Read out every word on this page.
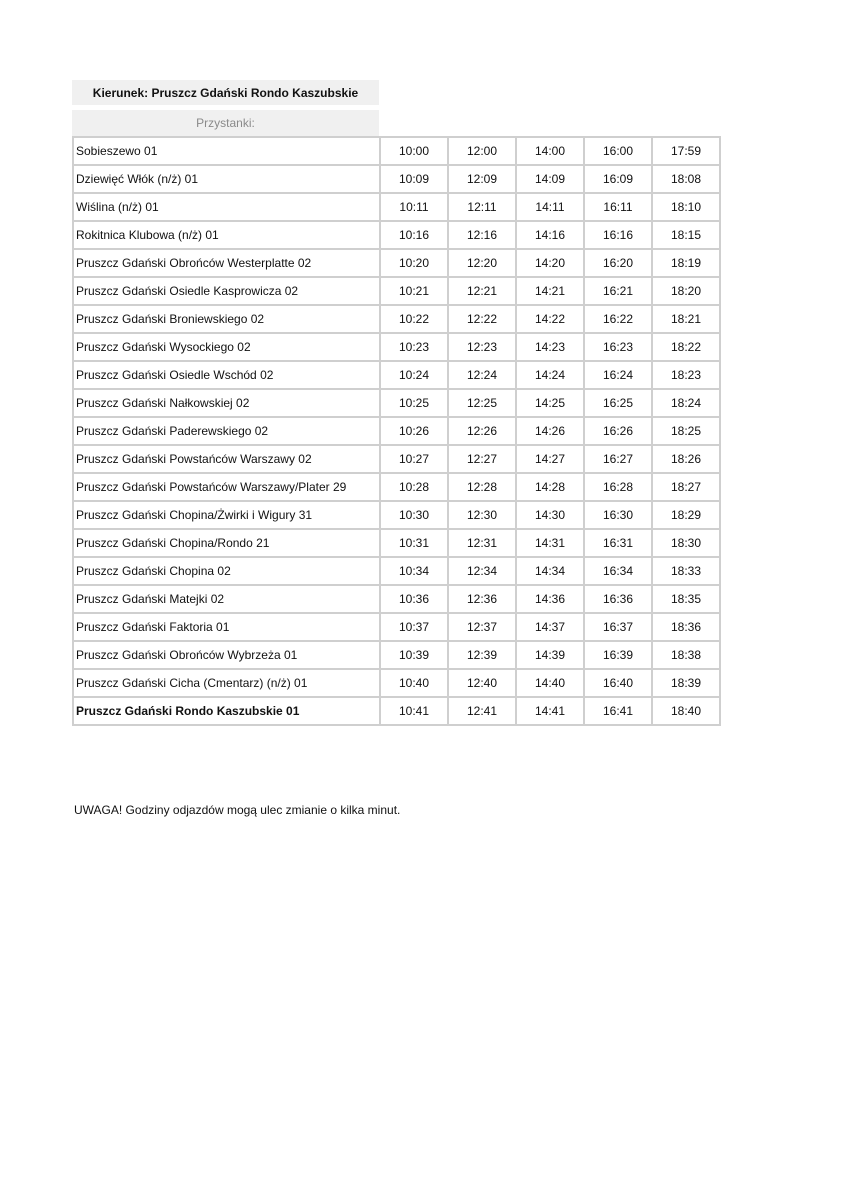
Kierunek: Pruszcz Gdański Rondo Kaszubskie
Przystanki:
Sobieszewo 01	10:00	12:00	14:00	16:00	17:59
Dziewięć Włók (n/ż) 01	10:09	12:09	14:09	16:09	18:08
Wiślina (n/ż) 01	10:11	12:11	14:11	16:11	18:10
Rokitnica Klubowa (n/ż) 01	10:16	12:16	14:16	16:16	18:15
Pruszcz Gdański Obrońców Westerplatte 02	10:20	12:20	14:20	16:20	18:19
Pruszcz Gdański Osiedle Kasprowicza 02	10:21	12:21	14:21	16:21	18:20
Pruszcz Gdański Broniewskiego 02	10:22	12:22	14:22	16:22	18:21
Pruszcz Gdański Wysockiego 02	10:23	12:23	14:23	16:23	18:22
Pruszcz Gdański Osiedle Wschód 02	10:24	12:24	14:24	16:24	18:23
Pruszcz Gdański Nałkowskiej 02	10:25	12:25	14:25	16:25	18:24
Pruszcz Gdański Paderewskiego 02	10:26	12:26	14:26	16:26	18:25
Pruszcz Gdański Powstańców Warszawy 02	10:27	12:27	14:27	16:27	18:26
Pruszcz Gdański Powstańców Warszawy/Plater 29	10:28	12:28	14:28	16:28	18:27
Pruszcz Gdański Chopina/Żwirki i Wigury 31	10:30	12:30	14:30	16:30	18:29
Pruszcz Gdański Chopina/Rondo 21	10:31	12:31	14:31	16:31	18:30
Pruszcz Gdański Chopina 02	10:34	12:34	14:34	16:34	18:33
Pruszcz Gdański Matejki 02	10:36	12:36	14:36	16:36	18:35
Pruszcz Gdański Faktoria 01	10:37	12:37	14:37	16:37	18:36
Pruszcz Gdański Obrońców Wybrzeża 01	10:39	12:39	14:39	16:39	18:38
Pruszcz Gdański Cicha (Cmentarz) (n/ż) 01	10:40	12:40	14:40	16:40	18:39
Pruszcz Gdański Rondo Kaszubskie 01	10:41	12:41	14:41	16:41	18:40
UWAGA! Godziny odjazdów mogą ulec zmianie o kilka minut.
